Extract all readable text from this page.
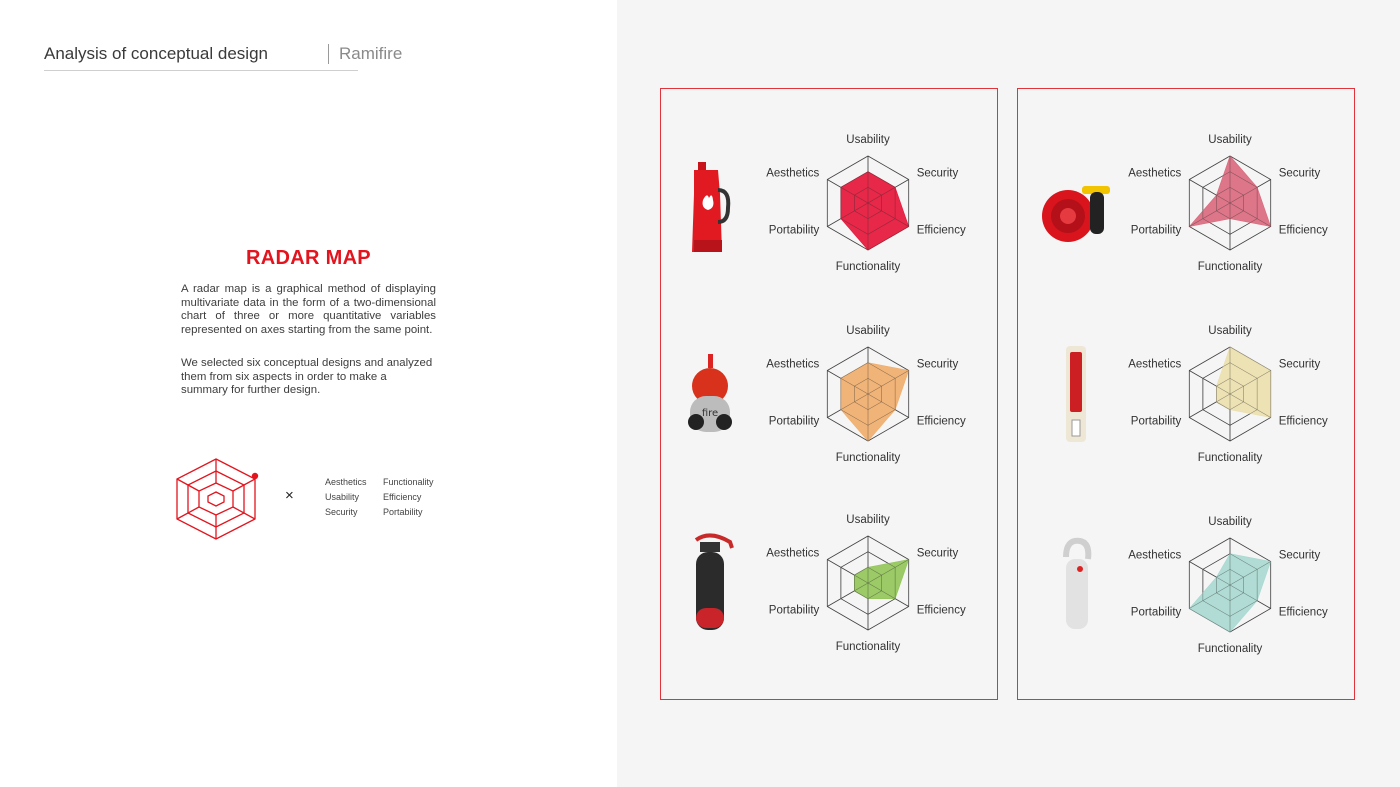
Analysis of conceptual design	Ramifire
RADAR MAP
A radar map is a graphical method of displaying multivariate data in the form of a two-dimensional chart of three or more quantitative variables represented on axes starting from the same point.
We selected six conceptual designs and analyzed them from six aspects in order to make a summary for further design.
×
Aesthetics
Usability
Security
Functionality
Efficiency
Portability
fire
Usability
Security
Efficiency
Functionality
Portability
Aesthetics
Usability
Security
Efficiency
Functionality
Portability
Aesthetics
Usability
Security
Efficiency
Functionality
Portability
Aesthetics
Usability
Security
Efficiency
Functionality
Portability
Aesthetics
Usability
Security
Efficiency
Functionality
Portability
Aesthetics
Usability
Security
Efficiency
Functionality
Portability
Aesthetics
